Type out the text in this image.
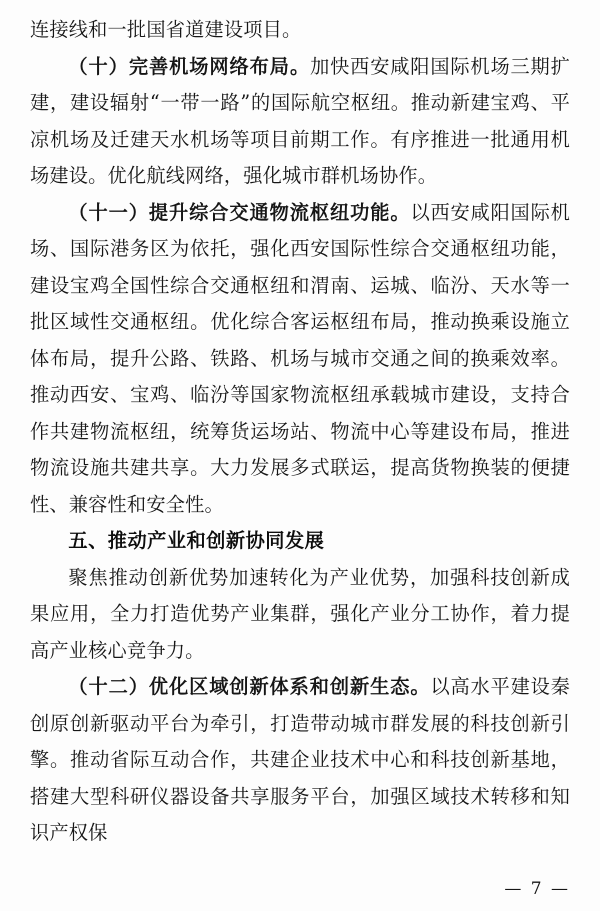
连接线和一批国省道建设项目。

（十）完善机场网络布局。加快西安咸阳国际机场三期扩建，建设辐射“一带一路”的国际航空枢纽。推动新建宝鸡、平凉机场及迁建天水机场等项目前期工作。有序推进一批通用机场建设。优化航线网络，强化城市群机场协作。

（十一）提升综合交通物流枢纽功能。以西安咸阳国际机场、国际港务区为依托，强化西安国际性综合交通枢纽功能，建设宝鸡全国性综合交通枢纽和渭南、运城、临汾、天水等一批区域性交通枢纽。优化综合客运枢纽布局，推动换乘设施立体布局，提升公路、铁路、机场与城市交通之间的换乘效率。推动西安、宝鸡、临汾等国家物流枢纽承载城市建设，支持合作共建物流枢纽，统筹货运场站、物流中心等建设布局，推进物流设施共建共享。大力发展多式联运，提高货物换装的便捷性、兼容性和安全性。

五、推动产业和创新协同发展

聚焦推动创新优势加速转化为产业优势，加强科技创新成果应用，全力打造优势产业集群，强化产业分工协作，着力提高产业核心竞争力。

（十二）优化区域创新体系和创新生态。以高水平建设秦创原创新驱动平台为牵引，打造带动城市群发展的科技创新引擎。推动省际互动合作，共建企业技术中心和科技创新基地，搭建大型科研仪器设备共享服务平台，加强区域技术转移和知识产权保

— 7 —
